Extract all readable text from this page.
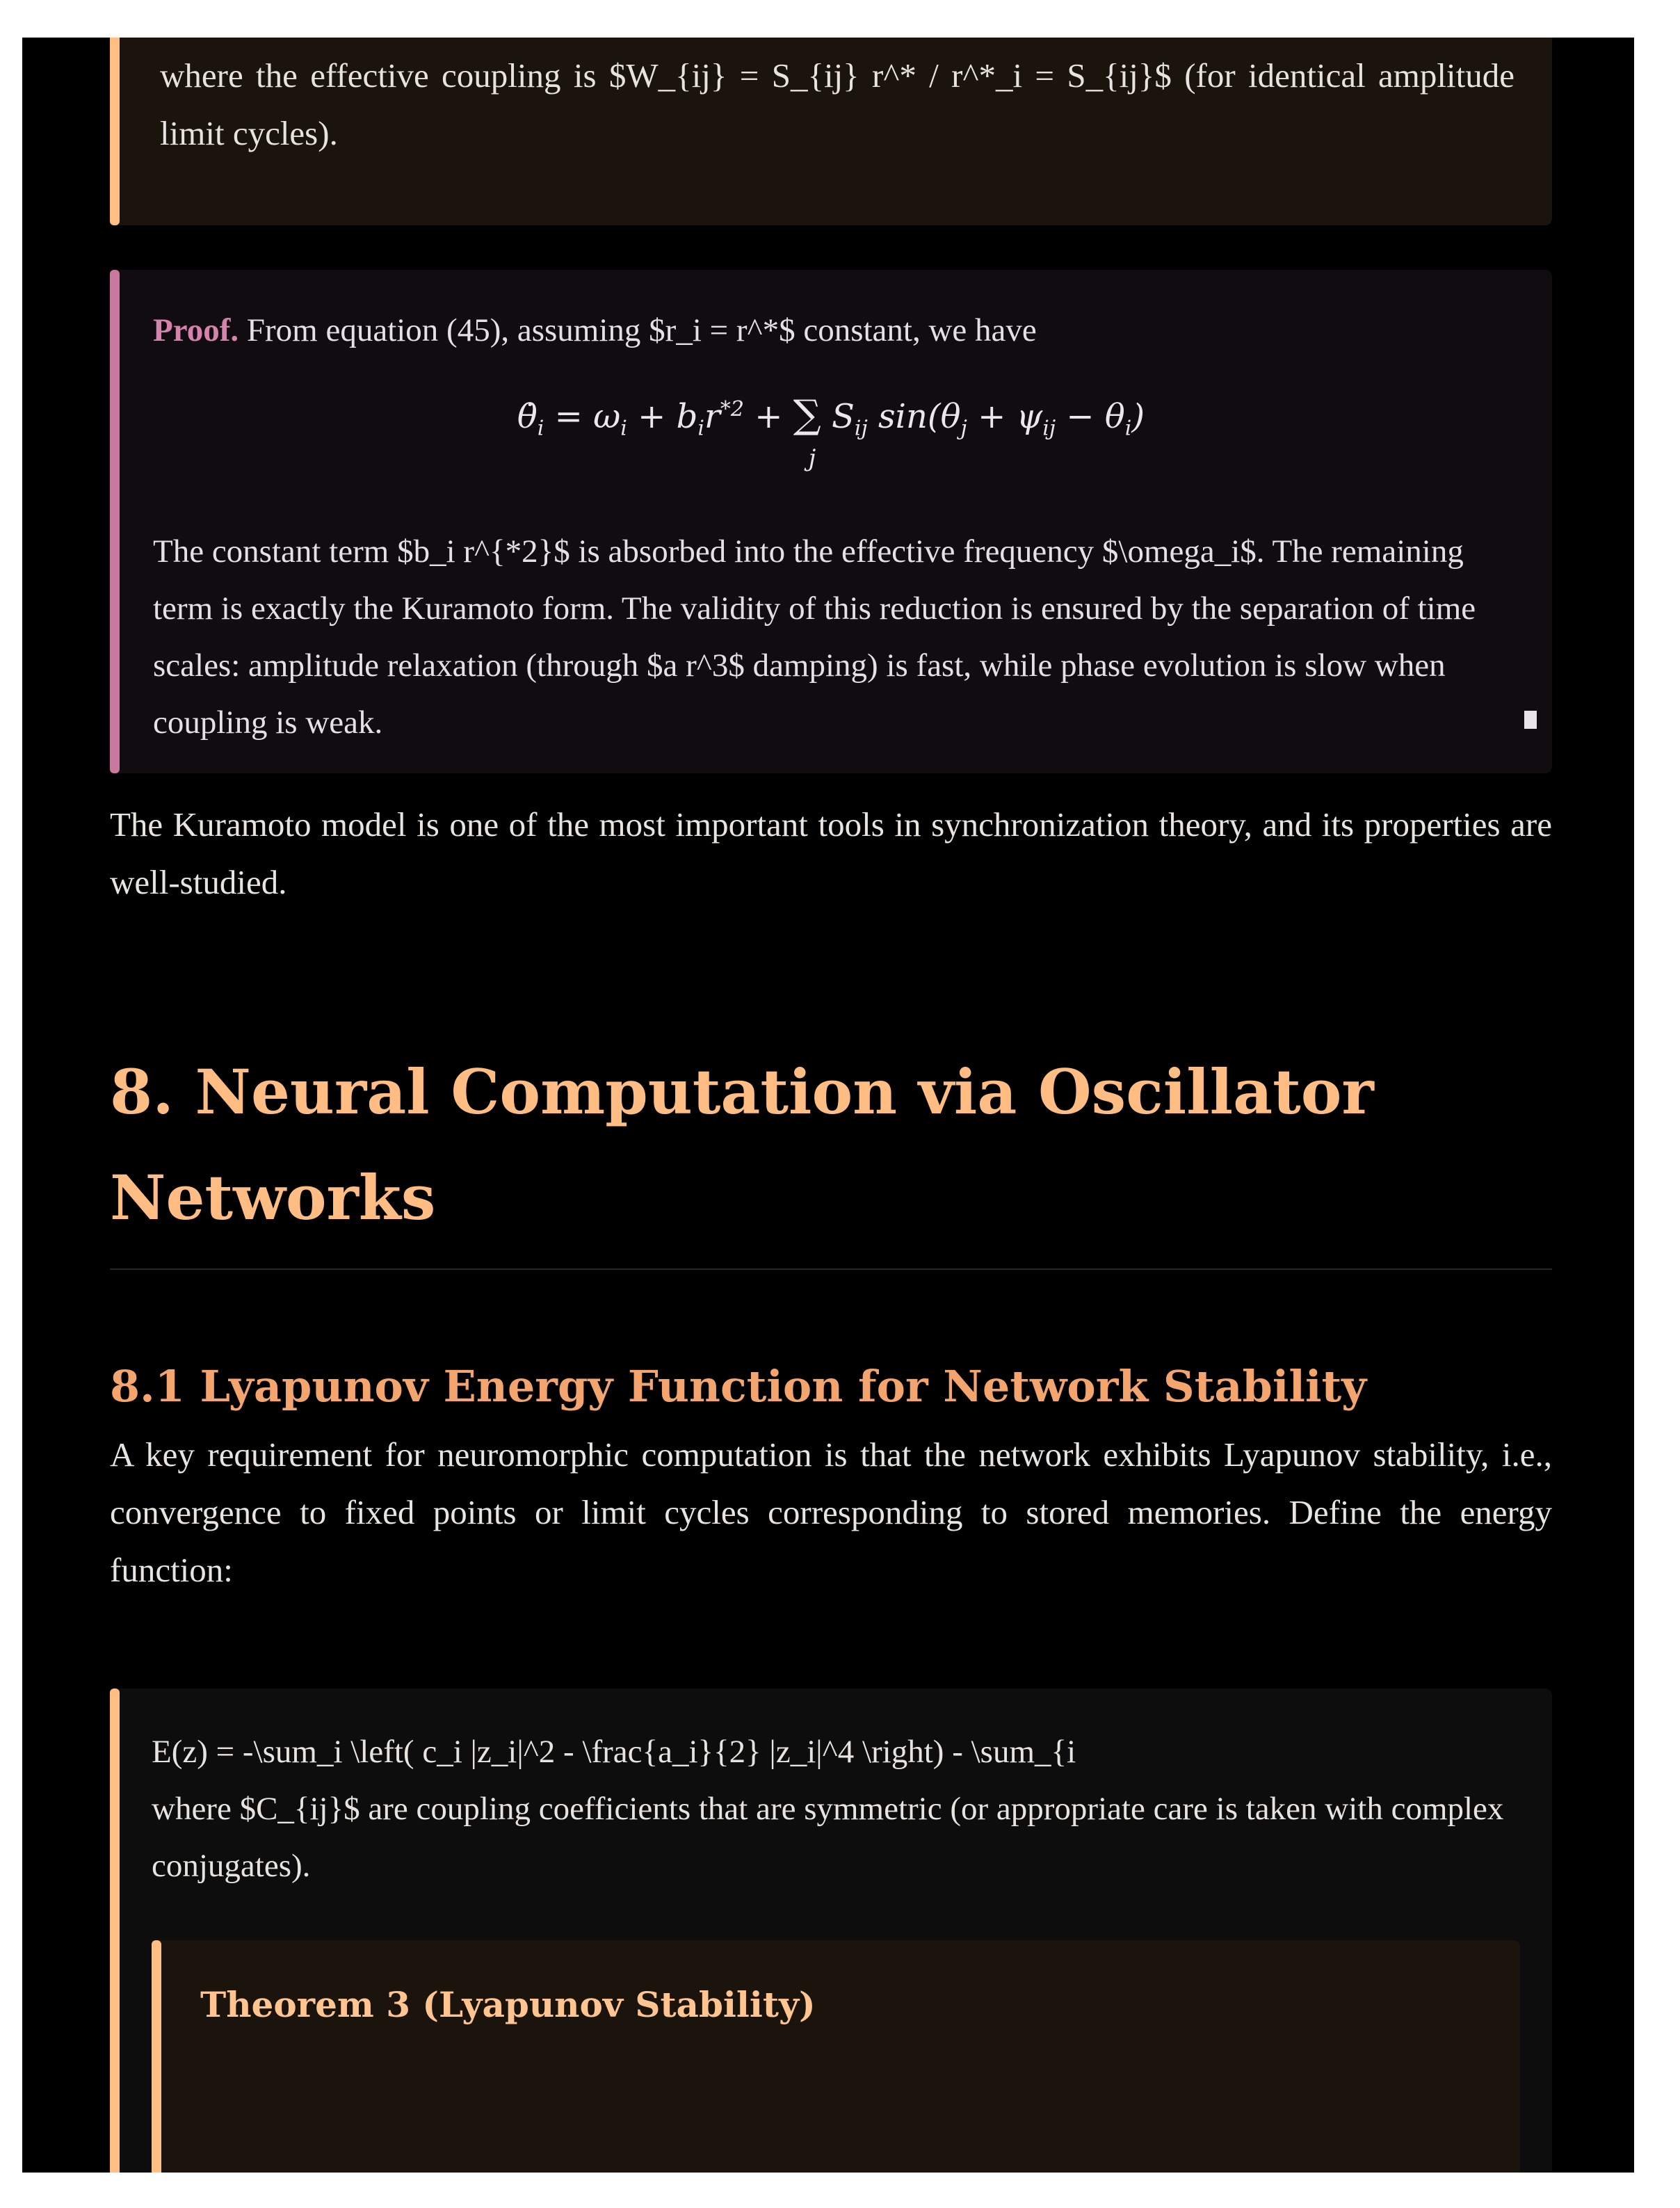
where the effective coupling is $W_{ij} = S_{ij} r^* / r^*_i = S_{ij}$ (for identical amplitude limit cycles).

Proof. From equation (45), assuming $r_i = r^*$ constant, we have

$\thetȧ_i = \omega_i + b_ir^{*2}$ + ∑
j
$S_{ij}$ $\sin(\theta_j + \psi_{ij} - \theta_i)$

The constant term $b_i r^{*2}$ is absorbed into the effective frequency $\omega_i$. The remaining term is exactly the Kuramoto form. The validity of this reduction is ensured by the separation of time scales: amplitude relaxation (through $a r^3$ damping) is fast, while phase evolution is slow when coupling is weak.

The Kuramoto model is one of the most important tools in synchronization theory, and its properties are well-studied.

8. Neural Computation via Oscillator Networks
8.1 Lyapunov Energy Function for Network Stability

A key requirement for neuromorphic computation is that the network exhibits Lyapunov stability, i.e., convergence to fixed points or limit cycles corresponding to stored memories. Define the energy function:

E(z) = -\sum_i \left( c_i |z_i|^2 - \frac{a_i}{2} |z_i|^4 \right) - \sum_{i

where $C_{ij}$ are coupling coefficients that are symmetric (or appropriate care is taken with complex conjugates).

Theorem 3 (Lyapunov Stability)
